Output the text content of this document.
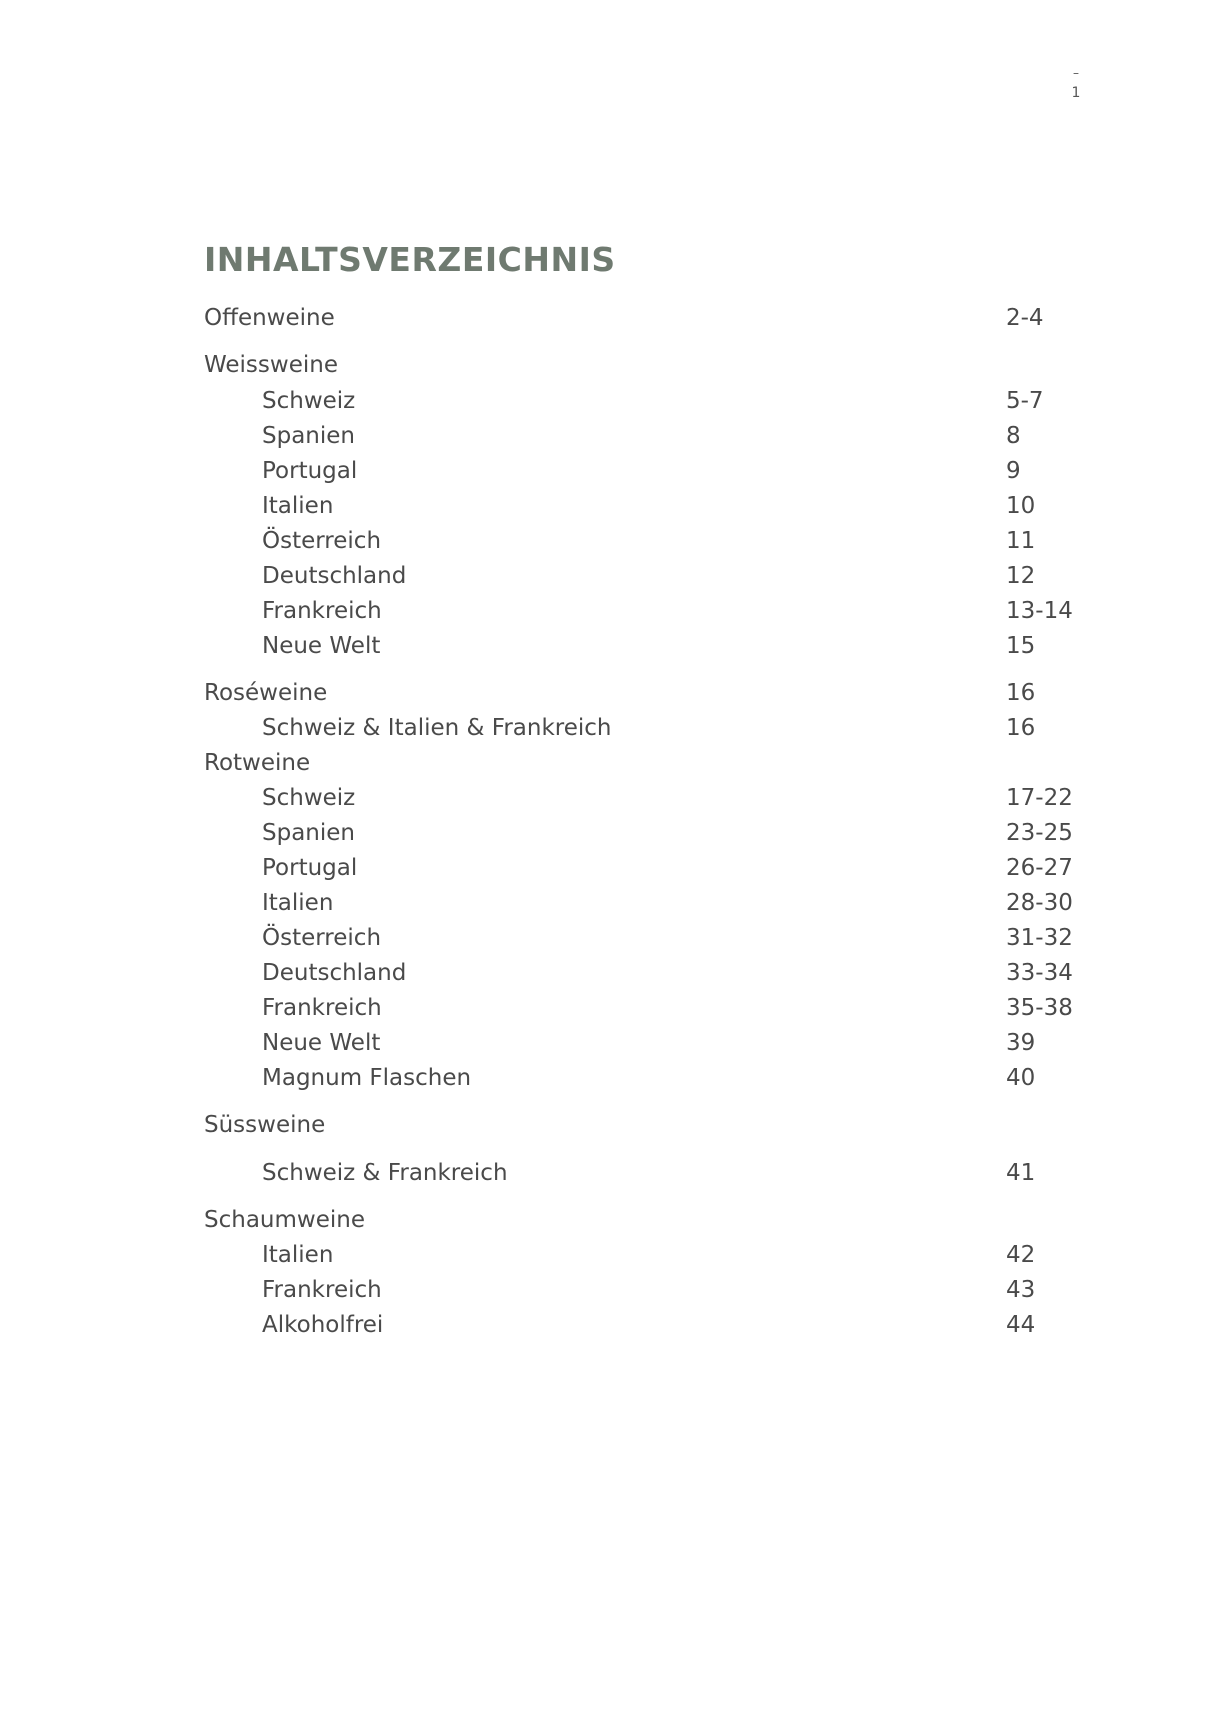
–
1
INHALTSVERZEICHNIS
Offenweine	2-4
Weissweine
Schweiz	5-7
Spanien	8
Portugal	9
Italien	10
Österreich	11
Deutschland	12
Frankreich	13-14
Neue Welt	15
Roséweine	16
Schweiz & Italien & Frankreich	16
Rotweine
Schweiz	17-22
Spanien	23-25
Portugal	26-27
Italien	28-30
Österreich	31-32
Deutschland	33-34
Frankreich	35-38
Neue Welt	39
Magnum Flaschen	40
Süssweine
Schweiz & Frankreich	41
Schaumweine
Italien	42
Frankreich	43
Alkoholfrei	44
